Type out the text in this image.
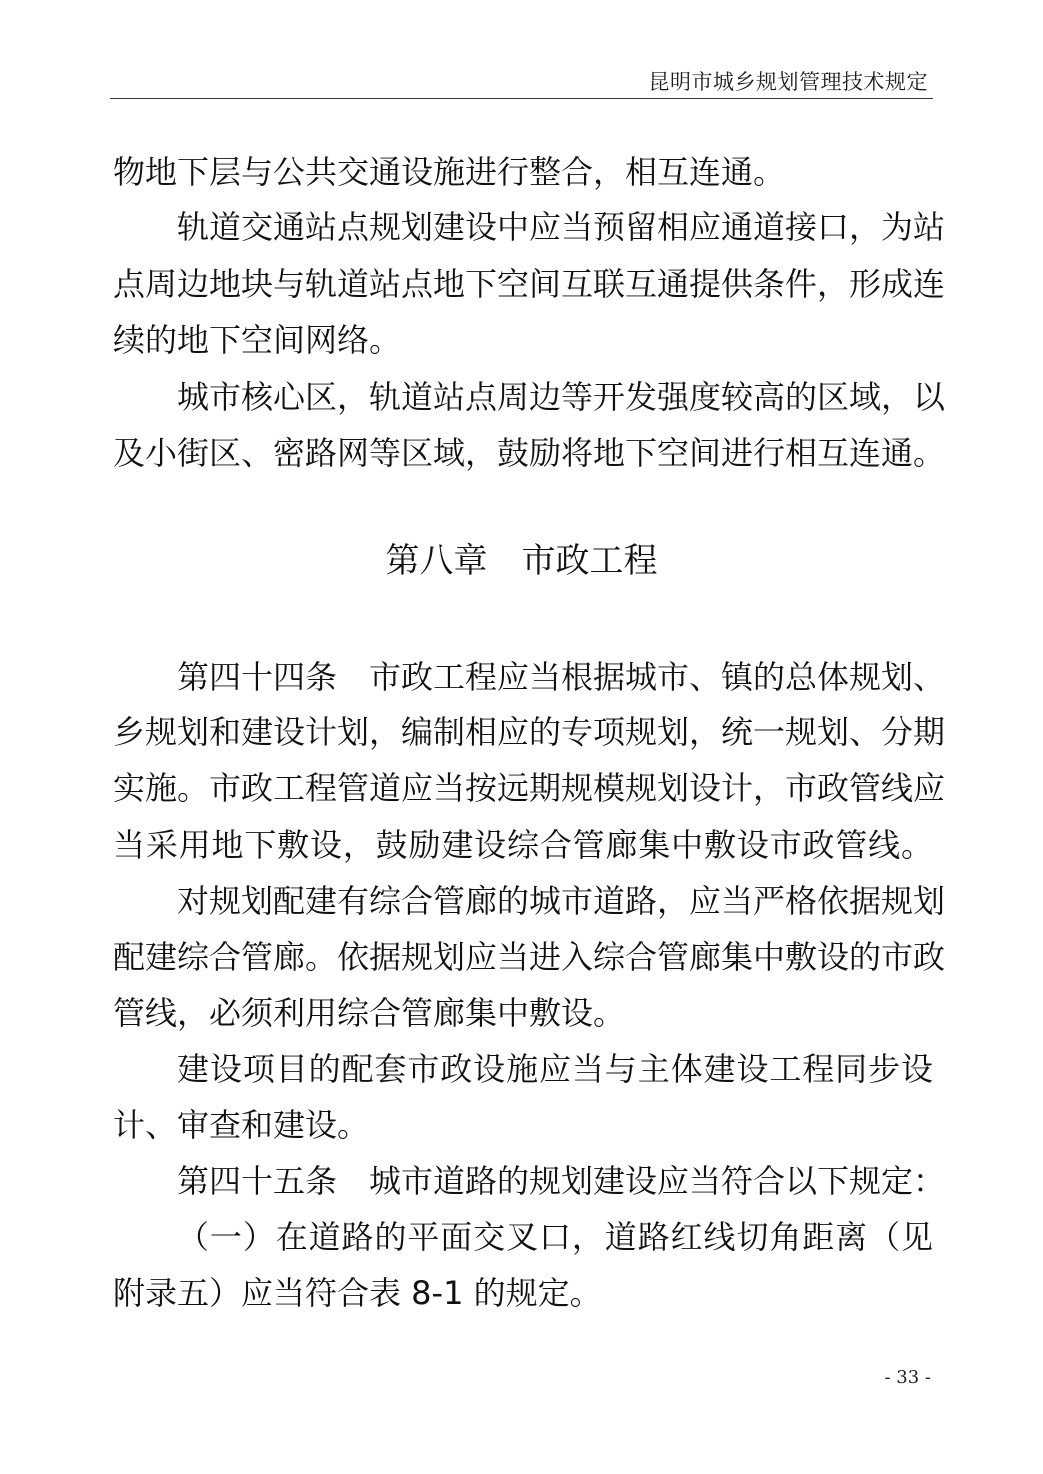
昆明市城乡规划管理技术规定
物地下层与公共交通设施进行整合，相互连通。
轨道交通站点规划建设中应当预留相应通道接口，为站
点周边地块与轨道站点地下空间互联互通提供条件，形成连
续的地下空间网络。
城市核心区，轨道站点周边等开发强度较高的区域，以
及小街区、密路网等区域，鼓励将地下空间进行相互连通。
第八章　市政工程
第四十四条　市政工程应当根据城市、镇的总体规划、
乡规划和建设计划，编制相应的专项规划，统一规划、分期
实施。市政工程管道应当按远期规模规划设计，市政管线应
当采用地下敷设，鼓励建设综合管廊集中敷设市政管线。
对规划配建有综合管廊的城市道路，应当严格依据规划
配建综合管廊。依据规划应当进入综合管廊集中敷设的市政
管线，必须利用综合管廊集中敷设。
建设项目的配套市政设施应当与主体建设工程同步设
计、审查和建设。
第四十五条　城市道路的规划建设应当符合以下规定：
（一）在道路的平面交叉口，道路红线切角距离（见
附录五）应当符合表 8-1 的规定。
- 33 -
